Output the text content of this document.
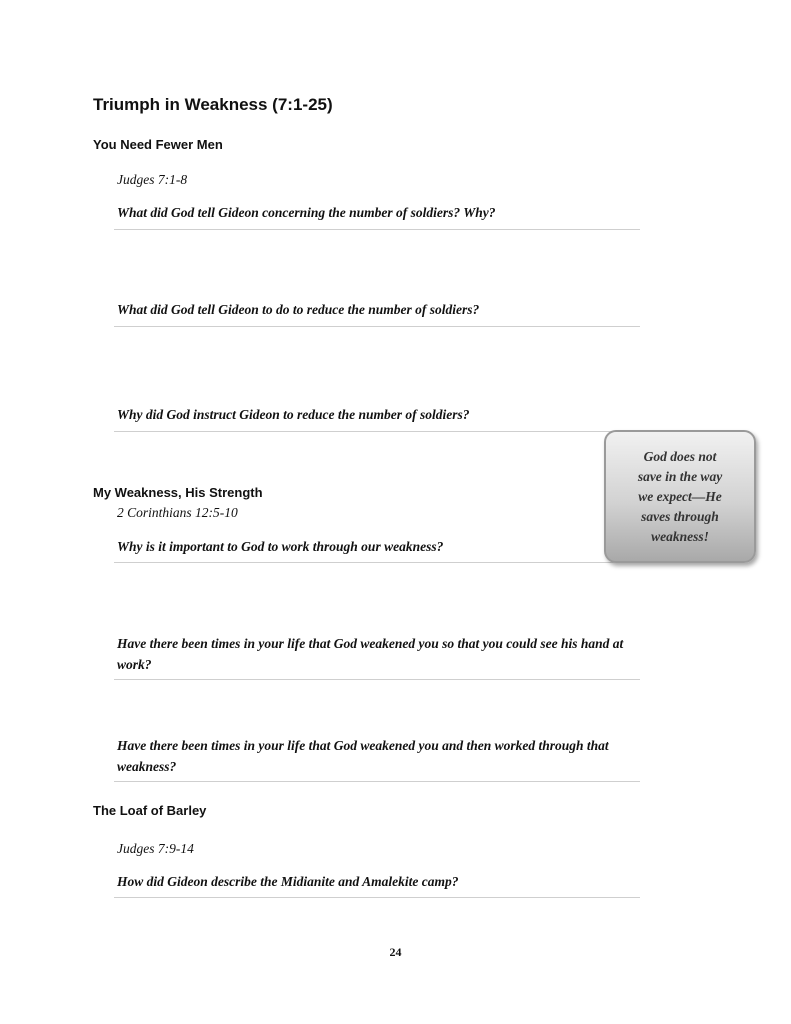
Triumph in Weakness (7:1-25)
You Need Fewer Men
Judges 7:1-8
What did God tell Gideon concerning the number of soldiers? Why?
What did God tell Gideon to do to reduce the number of soldiers?
Why did God instruct Gideon to reduce the number of soldiers?
My Weakness, His Strength
2 Corinthians 12:5-10
Why is it important to God to work through our weakness?
Have there been times in your life that God weakened you so that you could see his hand at work?
Have there been times in your life that God weakened you and then worked through that weakness?
The Loaf of Barley
Judges 7:9-14
How did Gideon describe the Midianite and Amalekite camp?
God does not
save in the way
we expect—He
saves through
weakness!
24
